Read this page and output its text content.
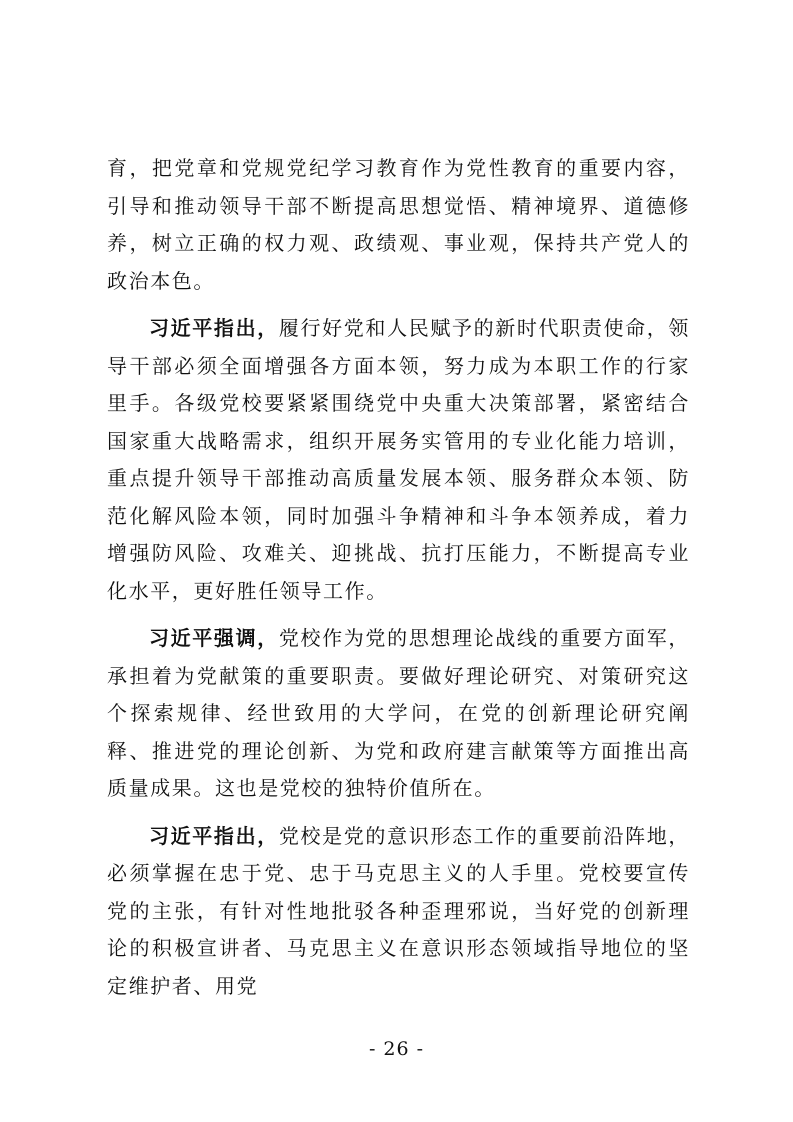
育，把党章和党规党纪学习教育作为党性教育的重要内容，引导和推动领导干部不断提高思想觉悟、精神境界、道德修养，树立正确的权力观、政绩观、事业观，保持共产党人的政治本色。

习近平指出，履行好党和人民赋予的新时代职责使命，领导干部必须全面增强各方面本领，努力成为本职工作的行家里手。各级党校要紧紧围绕党中央重大决策部署，紧密结合国家重大战略需求，组织开展务实管用的专业化能力培训，重点提升领导干部推动高质量发展本领、服务群众本领、防范化解风险本领，同时加强斗争精神和斗争本领养成，着力增强防风险、攻难关、迎挑战、抗打压能力，不断提高专业化水平，更好胜任领导工作。

习近平强调，党校作为党的思想理论战线的重要方面军，承担着为党献策的重要职责。要做好理论研究、对策研究这个探索规律、经世致用的大学问，在党的创新理论研究阐释、推进党的理论创新、为党和政府建言献策等方面推出高质量成果。这也是党校的独特价值所在。

习近平指出，党校是党的意识形态工作的重要前沿阵地，必须掌握在忠于党、忠于马克思主义的人手里。党校要宣传党的主张，有针对性地批驳各种歪理邪说，当好党的创新理论的积极宣讲者、马克思主义在意识形态领域指导地位的坚定维护者、用党

- 26 -
